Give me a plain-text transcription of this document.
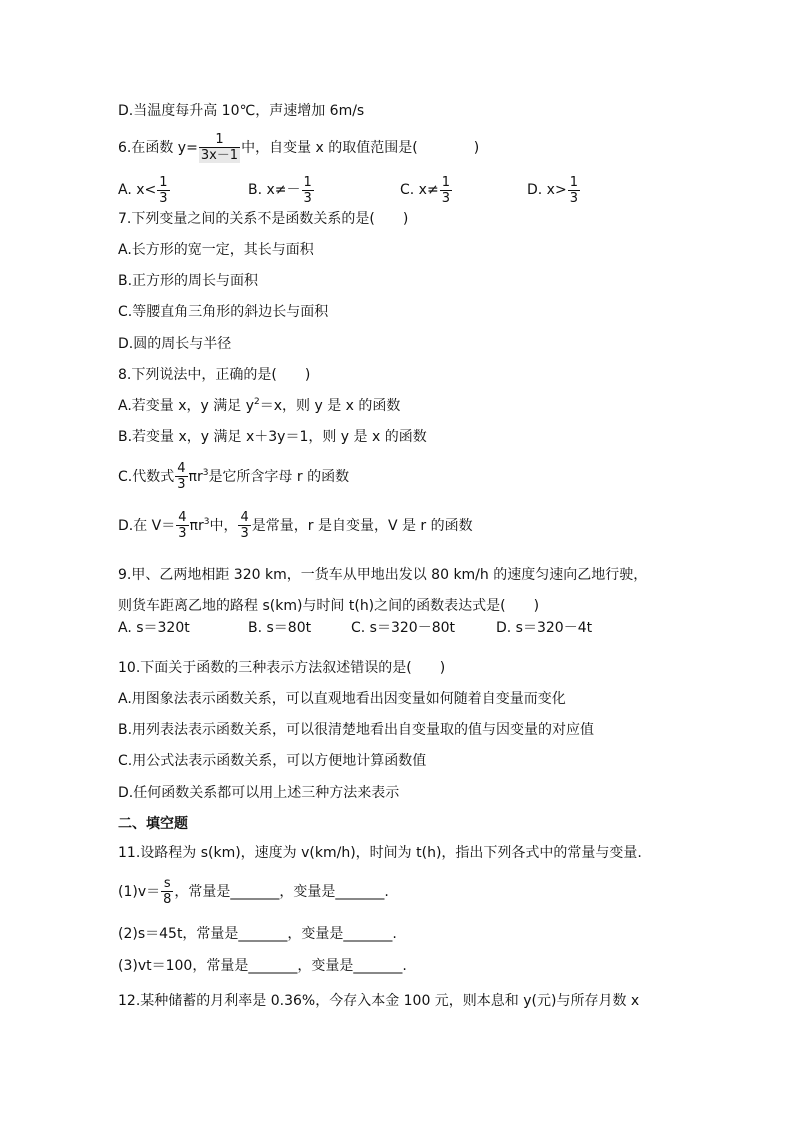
D.当温度每升高 10℃，声速增加 6m/s
6.在函数 $y= \frac{1}{3x-1}$ 中，自变量 x 的取值范围是(　　　　)
A. $x< \frac{1}{3}$	B. $x\ne- \frac{1}{3}$	C. $x\ne \frac{1}{3}$	D. $x> \frac{1}{3}$
7.下列变量之间的关系不是函数关系的是(　　)
A.长方形的宽一定，其长与面积
B.正方形的周长与面积
C.等腰直角三角形的斜边长与面积
D.圆的周长与半径
8.下列说法中，正确的是(　　)
A.若变量 x，y 满足 $y^2 =x$，则 y 是 x 的函数
B.若变量 x，y 满足 x＋3y＝1，则 y 是 x 的函数
C.代数式 $\frac{4}{3} \pi r^3$ 是它所含字母 r 的函数
D.在 $V= \frac{4}{3} \pi r^3$ 中， $\frac{4}{3}$ 是常量，r 是自变量，V 是 r 的函数
9.甲、乙两地相距 320 km，一货车从甲地出发以 80 km/h 的速度匀速向乙地行驶，
则货车距离乙地的路程 s(km)与时间 t(h)之间的函数表达式是(　　)
A. s＝320t	B. s＝80t	C. s＝320－80t	D. s＝320－4t
10.下面关于函数的三种表示方法叙述错误的是(　　)
A.用图象法表示函数关系，可以直观地看出因变量如何随着自变量而变化
B.用列表法表示函数关系，可以很清楚地看出自变量取的值与因变量的对应值
C.用公式法表示函数关系，可以方便地计算函数值
D.任何函数关系都可以用上述三种方法来表示
二、填空题
11.设路程为 s(km)，速度为 v(km/h)，时间为 t(h)，指出下列各式中的常量与变量.
$(1)v= \frac{s}{8}$ ，常量是_______，变量是_______.
(2)s＝45t，常量是_______，变量是_______.
(3)vt＝100，常量是_______，变量是_______.
12.某种储蓄的月利率是 0.36%，今存入本金 100 元，则本息和 y(元)与所存月数 x
